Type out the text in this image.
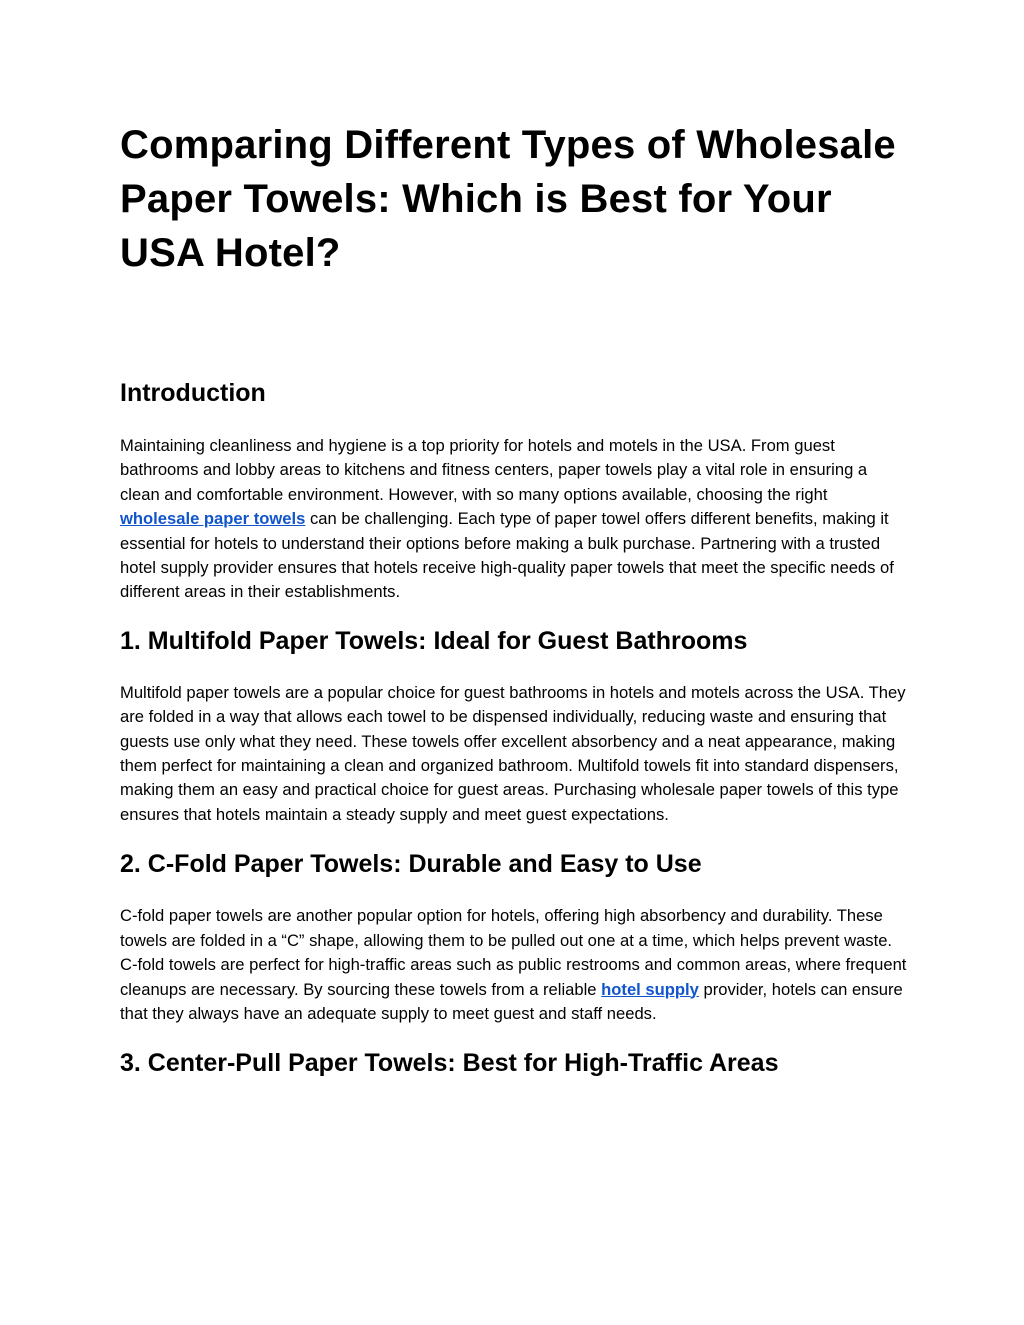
Comparing Different Types of Wholesale Paper Towels: Which is Best for Your USA Hotel?
Introduction

Maintaining cleanliness and hygiene is a top priority for hotels and motels in the USA. From guest bathrooms and lobby areas to kitchens and fitness centers, paper towels play a vital role in ensuring a clean and comfortable environment. However, with so many options available, choosing the right wholesale paper towels can be challenging. Each type of paper towel offers different benefits, making it essential for hotels to understand their options before making a bulk purchase. Partnering with a trusted hotel supply provider ensures that hotels receive high-quality paper towels that meet the specific needs of different areas in their establishments.

1. Multifold Paper Towels: Ideal for Guest Bathrooms

Multifold paper towels are a popular choice for guest bathrooms in hotels and motels across the USA. They are folded in a way that allows each towel to be dispensed individually, reducing waste and ensuring that guests use only what they need. These towels offer excellent absorbency and a neat appearance, making them perfect for maintaining a clean and organized bathroom. Multifold towels fit into standard dispensers, making them an easy and practical choice for guest areas. Purchasing wholesale paper towels of this type ensures that hotels maintain a steady supply and meet guest expectations.

2. C-Fold Paper Towels: Durable and Easy to Use

C-fold paper towels are another popular option for hotels, offering high absorbency and durability. These towels are folded in a “C” shape, allowing them to be pulled out one at a time, which helps prevent waste. C-fold towels are perfect for high-traffic areas such as public restrooms and common areas, where frequent cleanups are necessary. By sourcing these towels from a reliable hotel supply provider, hotels can ensure that they always have an adequate supply to meet guest and staff needs.

3. Center-Pull Paper Towels: Best for High-Traffic Areas
